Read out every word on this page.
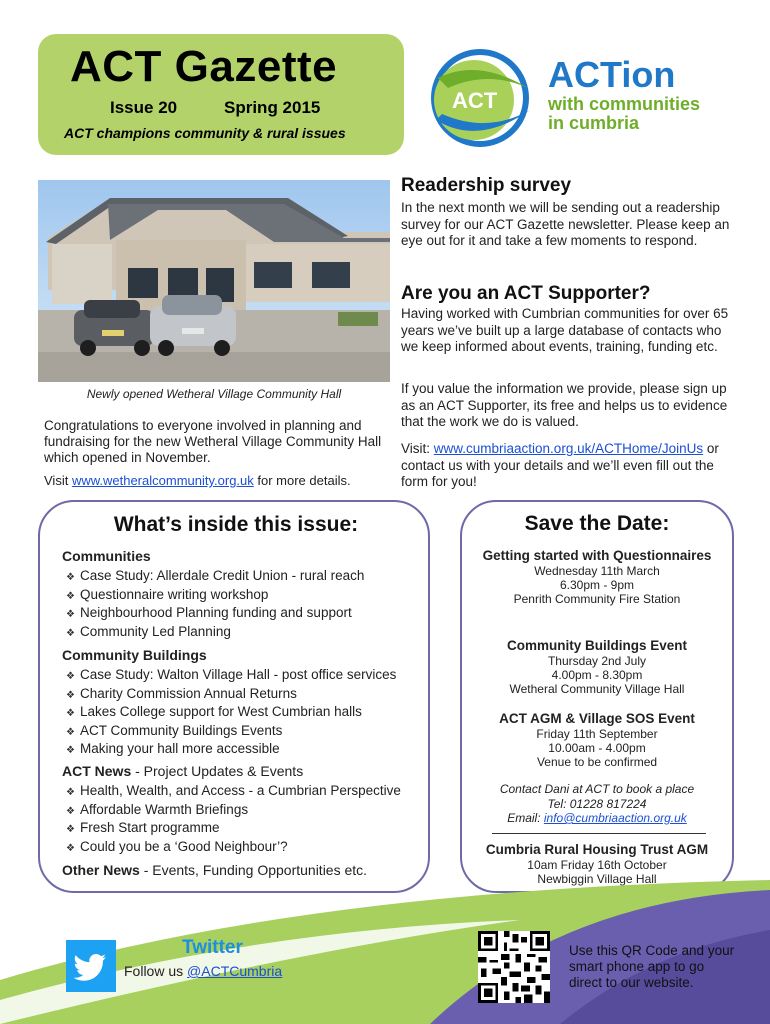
ACT Gazette
Issue 20	Spring 2015
ACT champions community & rural issues
ACT
ACTion
with communities
in cumbria
Newly opened Wetheral Village Community Hall
Congratulations to everyone involved in planning and fundraising for the new Wetheral Village Community Hall which opened in November.
Visit www.wetheralcommunity.org.uk for more details.
Readership survey
In the next month we will be sending out a readership survey for our ACT Gazette newsletter. Please keep an eye out for it and take a few moments to respond.
Are you an ACT Supporter?
Having worked with Cumbrian communities for over 65 years we’ve built up a large database of contacts who we keep informed about events, training, funding etc.
If you value the information we provide, please sign up as an ACT Supporter, its free and helps us to evidence that the work we do is valued.
Visit: www.cumbriaaction.org.uk/ACTHome/JoinUs or contact us with your details and we’ll even fill out the form for you!
What’s inside this issue:
Communities
❖ Case Study: Allerdale Credit Union - rural reach
❖ Questionnaire writing workshop
❖ Neighbourhood Planning funding and support
❖ Community Led Planning
Community Buildings
❖ Case Study: Walton Village Hall - post office services
❖ Charity Commission Annual Returns
❖ Lakes College support for West Cumbrian halls
❖ ACT Community Buildings Events
❖ Making your hall more accessible
ACT News - Project Updates & Events
❖ Health, Wealth, and Access - a Cumbrian Perspective
❖ Affordable Warmth Briefings
❖ Fresh Start programme
❖ Could you be a ‘Good Neighbour’?
Other News - Events, Funding Opportunities etc.
Save the Date:
Getting started with Questionnaires
Wednesday 11th March
6.30pm - 9pm
Penrith Community Fire Station
Community Buildings Event
Thursday 2nd July
4.00pm - 8.30pm
Wetheral Community Village Hall
ACT AGM & Village SOS Event
Friday 11th September
10.00am - 4.00pm
Venue to be confirmed
Contact Dani at ACT to book a place
Tel: 01228 817224
Email: info@cumbriaaction.org.uk
Cumbria Rural Housing Trust AGM
10am Friday 16th October
Newbiggin Village Hall
Twitter
Follow us @ACTCumbria
Use this QR Code and your smart phone app to go direct to our website.
